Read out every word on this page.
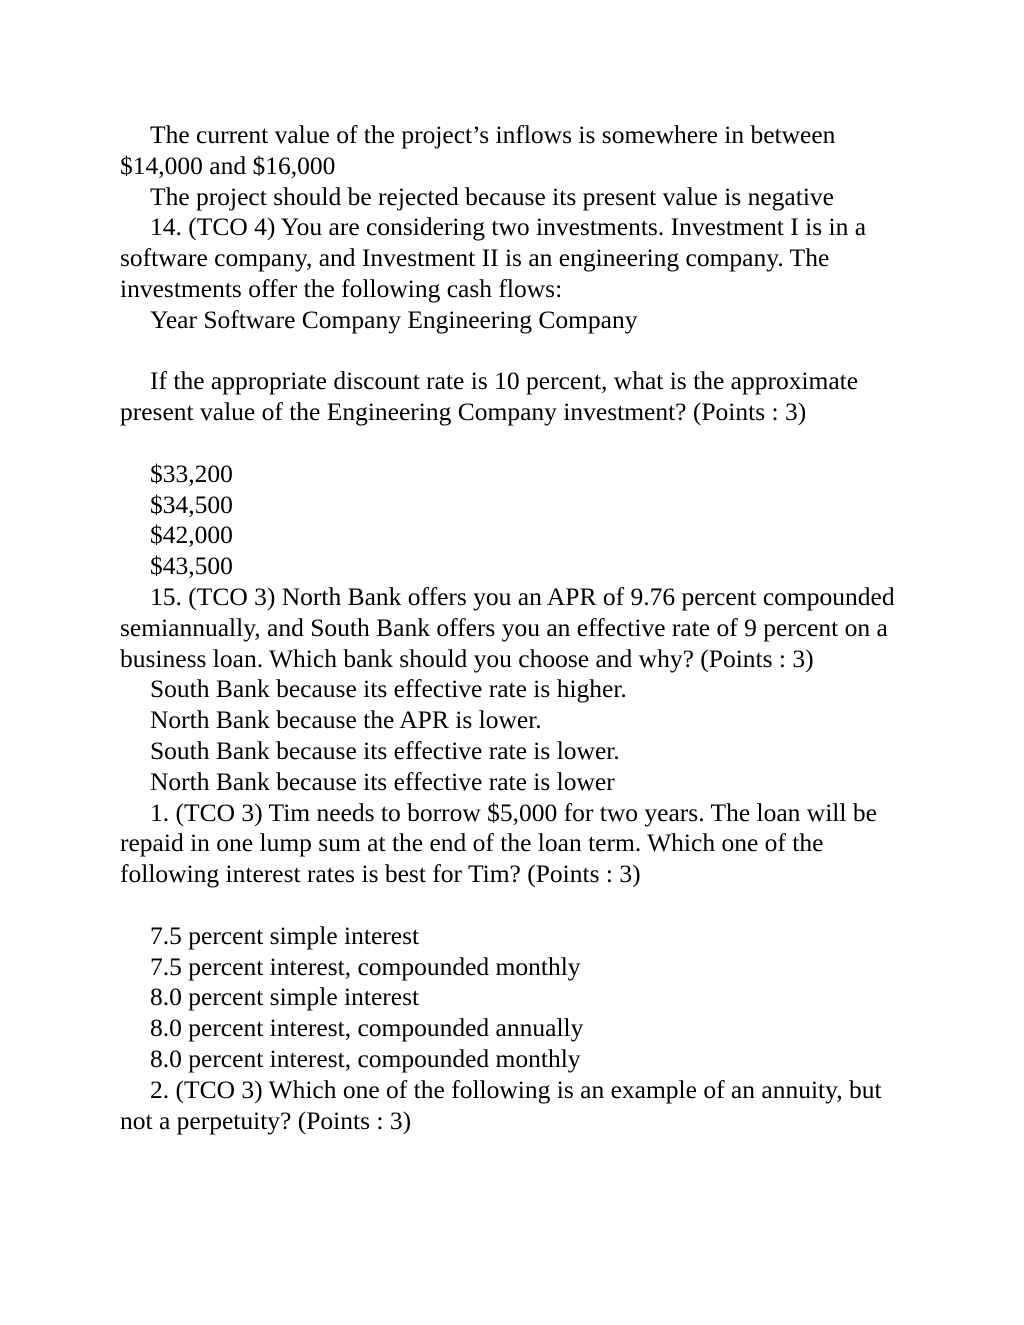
The current value of the project’s inflows is somewhere in between $14,000 and $16,000

The project should be rejected because its present value is negative

14. (TCO 4) You are considering two investments. Investment I is in a software company, and Investment II is an engineering company. The investments offer the following cash flows:

Year Software Company Engineering Company

If the appropriate discount rate is 10 percent, what is the approximate present value of the Engineering Company investment? (Points : 3)

$33,200

$34,500

$42,000

$43,500

15. (TCO 3) North Bank offers you an APR of 9.76 percent compounded semiannually, and South Bank offers you an effective rate of 9 percent on a business loan. Which bank should you choose and why? (Points : 3)

South Bank because its effective rate is higher.

North Bank because the APR is lower.

South Bank because its effective rate is lower.

North Bank because its effective rate is lower

1. (TCO 3) Tim needs to borrow $5,000 for two years. The loan will be repaid in one lump sum at the end of the loan term. Which one of the following interest rates is best for Tim? (Points : 3)

7.5 percent simple interest

7.5 percent interest, compounded monthly

8.0 percent simple interest

8.0 percent interest, compounded annually

8.0 percent interest, compounded monthly

2. (TCO 3) Which one of the following is an example of an annuity, but not a perpetuity? (Points : 3)
